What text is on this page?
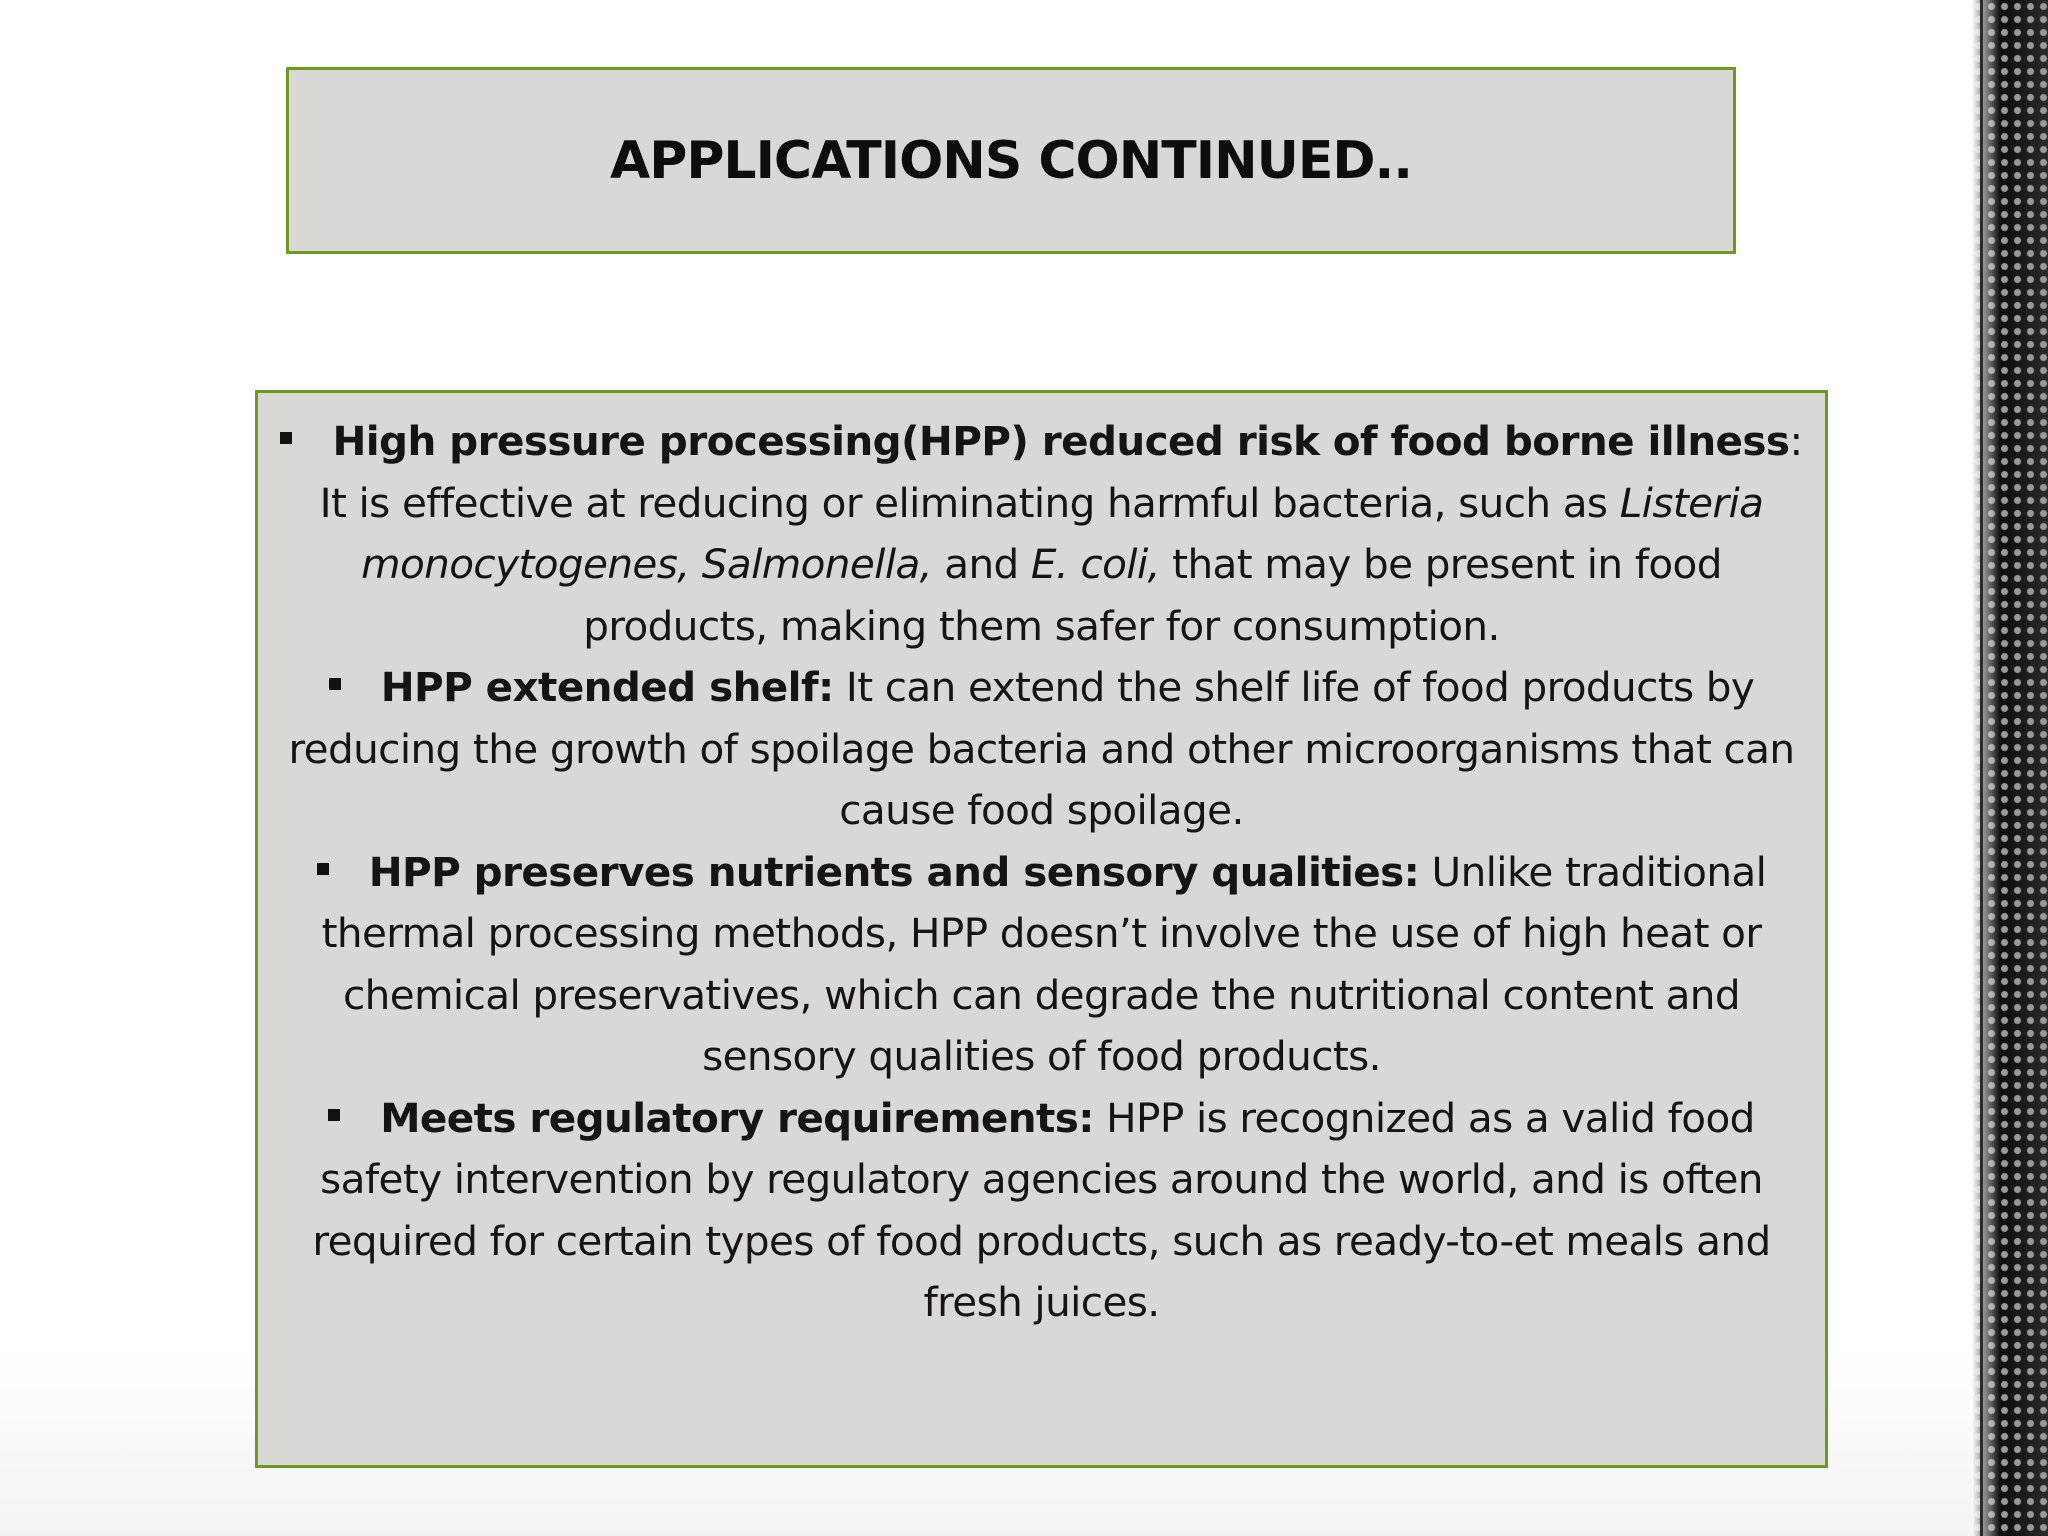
APPLICATIONS CONTINUED..
High pressure processing(HPP) reduced risk of food borne illness: It is effective at reducing or eliminating harmful bacteria, such as Listeria monocytogenes, Salmonella, and E. coli, that may be present in food products, making them safer for consumption.
HPP extended shelf: It can extend the shelf life of food products by reducing the growth of spoilage bacteria and other microorganisms that can cause food spoilage.
HPP preserves nutrients and sensory qualities: Unlike traditional thermal processing methods, HPP doesn’t involve the use of high heat or chemical preservatives, which can degrade the nutritional content and sensory qualities of food products.
Meets regulatory requirements: HPP is recognized as a valid food safety intervention by regulatory agencies around the world, and is often required for certain types of food products, such as ready-to-et meals and fresh juices.
